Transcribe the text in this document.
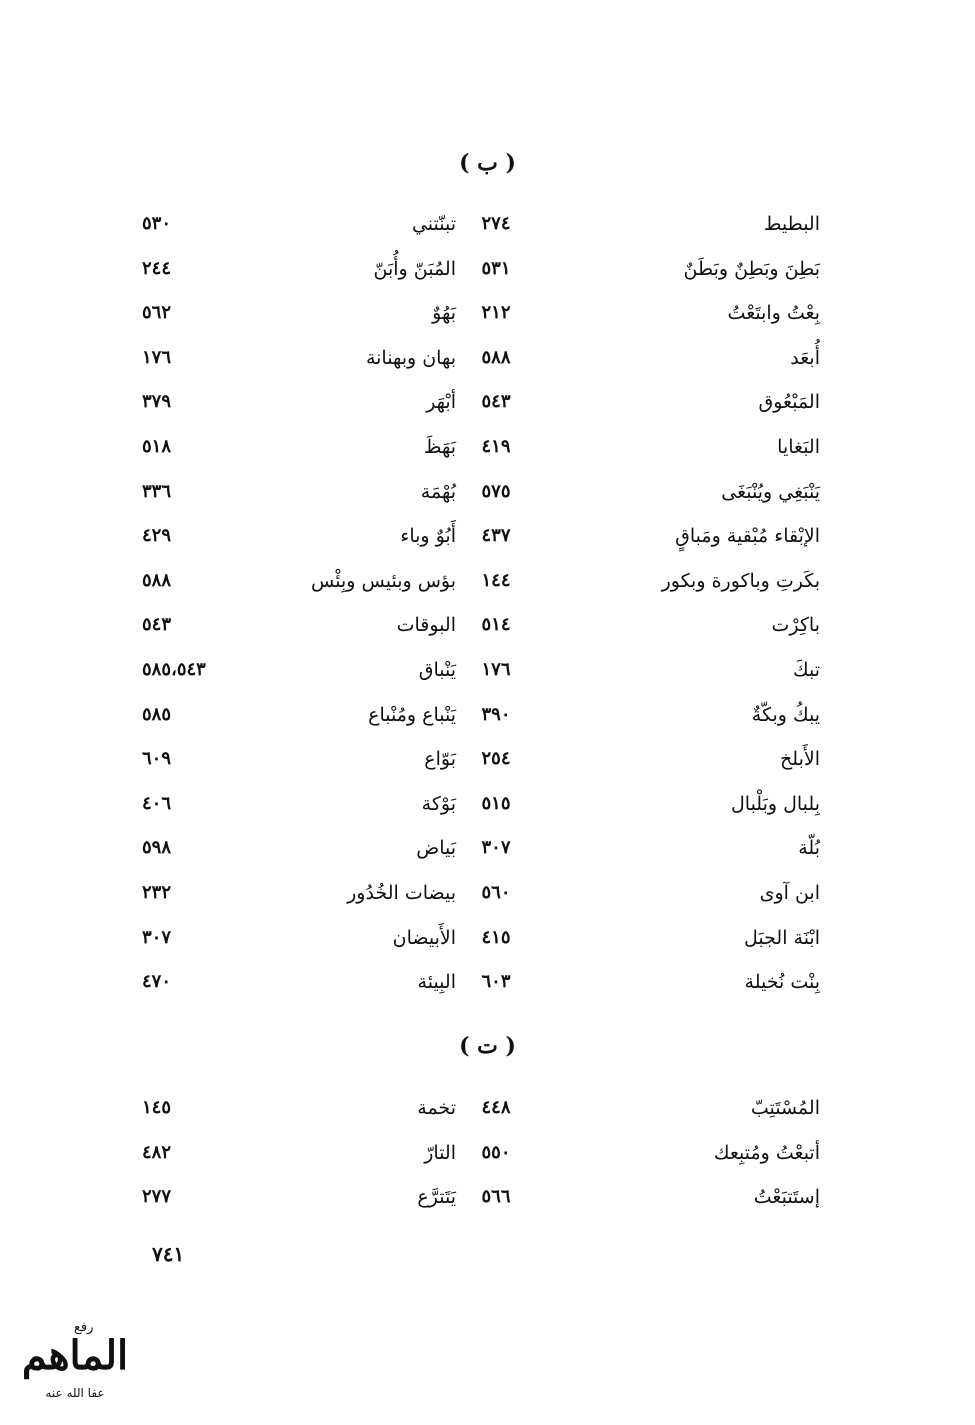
( ب )
البطيط
٢٧٤
تبنّتني
٥٣٠
بَطِنَ وبَطِنٌ وبَطَنٌ
٥٣١
المُبَنّ وأُبَنّ
٢٤٤
بِعْتُ وابتَعْتُ
٢١٢
بَهُوٌ
٥٦٢
أُبعَد
٥٨٨
بهان وبهنانة
١٧٦
المَبْعُوق
٥٤٣
أبْهَر
٣٧٩
البَغايا
٤١٩
بَهَظَ
٥١٨
يَنْبَغِي ويُنْبَغَى
٥٧٥
بُهْمَة
٣٣٦
الإبْقاء مُبْقية ومَباقٍ
٤٣٧
أَبُوٌ وباء
٤٢٩
بكَرتِ وباكورة وبكور
١٤٤
بؤس وبئيس وبِئْس
٥٨٨
باكِرْت
٥١٤
البوقات
٥٤٣
تبكَ
١٧٦
يَنْباق
٥٨٥،٥٤٣
يبكُ وبكّةٌ
٣٩٠
يَنْباع ومُنْباع
٥٨٥
الأَبلخ
٢٥٤
بَوّاع
٦٠٩
بِلبال وبَلْبال
٥١٥
بَوْكة
٤٠٦
بُلّة
٣٠٧
بَياض
٥٩٨
ابن آوى
٥٦٠
بيضات الخُدُور
٢٣٢
ابْنَة الجبَل
٤١٥
الأَبيضان
٣٠٧
بِنْت نُخيلة
٦٠٣
البِيئة
٤٧٠
( ت )
المُسْتَتِبّ
٤٤٨
تخمة
١٤٥
أتبعْتُ ومُتبِعك
٥٥٠
التارّ
٤٨٢
إستَتبَعْتُ
٥٦٦
يَتَترَّع
٢٧٧
٧٤١
رفع
الماهم
عفا الله عنه
